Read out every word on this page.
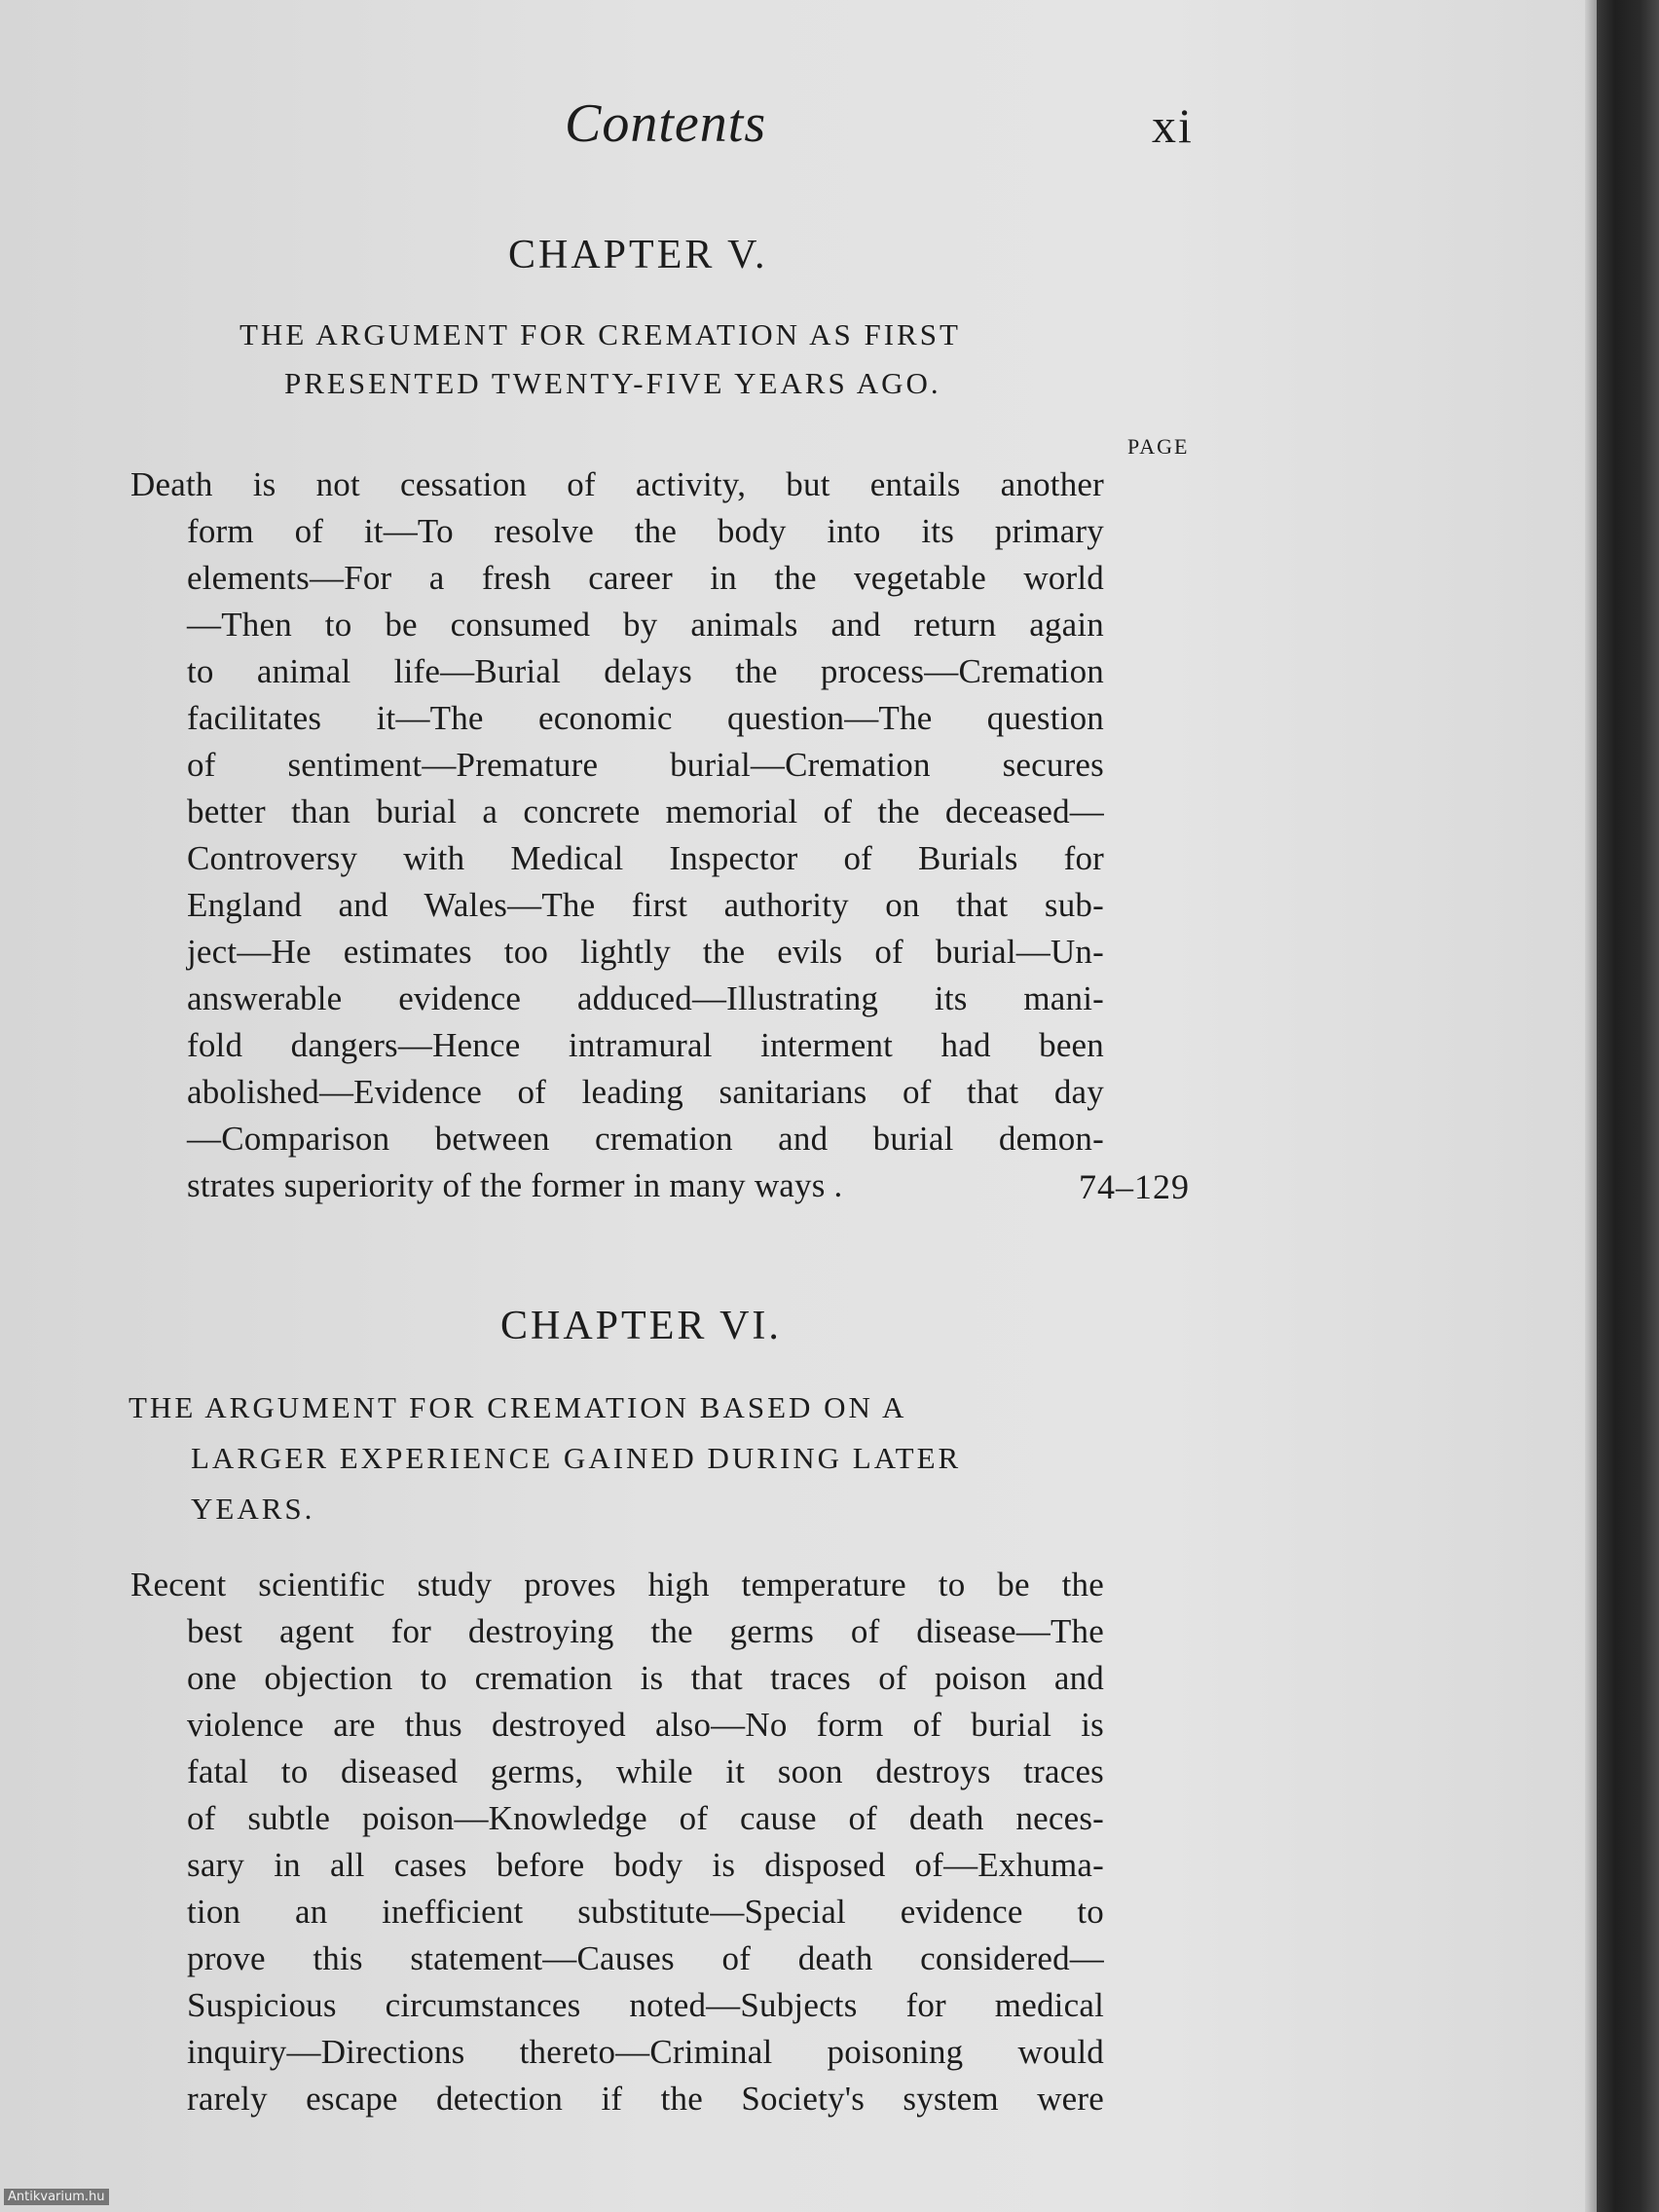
Contents	xi
CHAPTER V.
THE ARGUMENT FOR CREMATION AS FIRST
PRESENTED TWENTY-FIVE YEARS AGO.
PAGE
Death is not cessation of activity, but entails another
form of it—To resolve the body into its primary
elements—For a fresh career in the vegetable world
—Then to be consumed by animals and return again
to animal life—Burial delays the process—Cremation
facilitates it—The economic question—The question
of sentiment—Premature burial—Cremation secures
better than burial a concrete memorial of the deceased—
Controversy with Medical Inspector of Burials for
England and Wales—The first authority on that sub-
ject—He estimates too lightly the evils of burial—Un-
answerable evidence adduced—Illustrating its mani-
fold dangers—Hence intramural interment had been
abolished—Evidence of leading sanitarians of that day
—Comparison between cremation and burial demon-
strates superiority of the former in many ways .	74–129
CHAPTER VI.
THE ARGUMENT FOR CREMATION BASED ON A
LARGER EXPERIENCE GAINED DURING LATER
YEARS.
Recent scientific study proves high temperature to be the
best agent for destroying the germs of disease—The
one objection to cremation is that traces of poison and
violence are thus destroyed also—No form of burial is
fatal to diseased germs, while it soon destroys traces
of subtle poison—Knowledge of cause of death neces-
sary in all cases before body is disposed of—Exhuma-
tion an inefficient substitute—Special evidence to
prove this statement—Causes of death considered—
Suspicious circumstances noted—Subjects for medical
inquiry—Directions thereto—Criminal poisoning would
rarely escape detection if the Society's system were
Antikvarium.hu
